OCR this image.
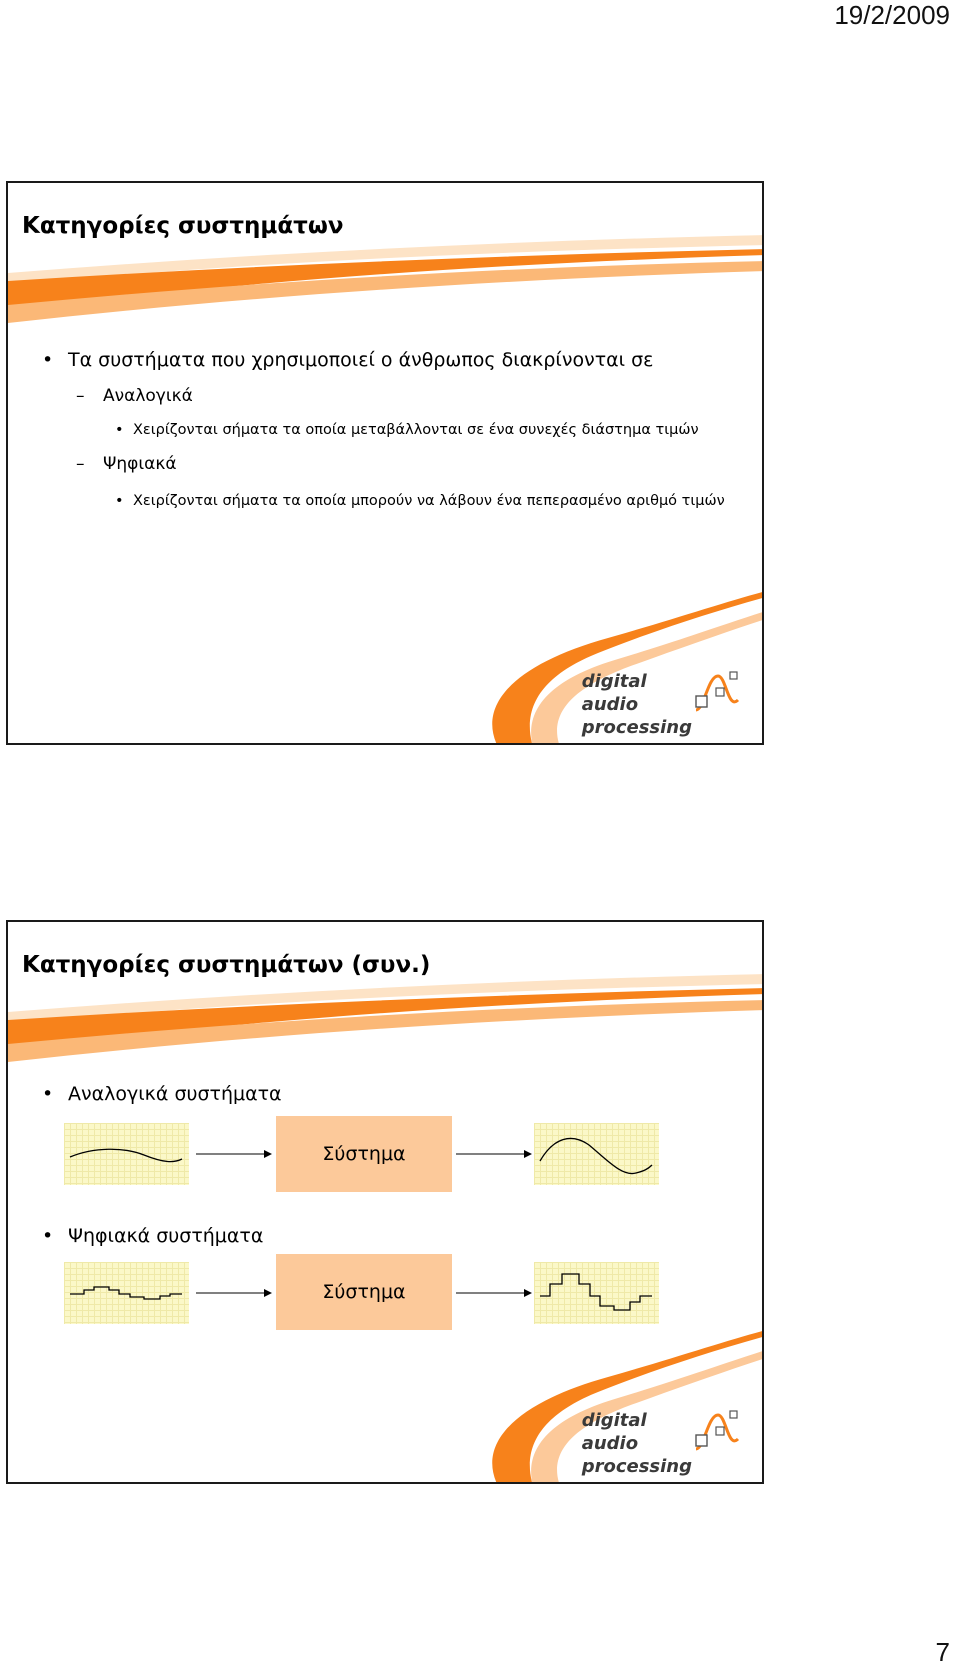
19/2/2009
Κατηγορίες συστημάτων
• Τα συστήματα που χρησιμοποιεί ο άνθρωπος διακρίνονται σε
– Αναλογικά
• Χειρίζονται σήματα τα οποία μεταβάλλονται σε ένα συνεχές διάστημα τιμών
– Ψηφιακά
• Χειρίζονται σήματα τα οποία μπορούν να λάβουν ένα πεπερασμένο αριθμό τιμών
digital
audio
processing
Κατηγορίες συστημάτων (συν.)
• Αναλογικά συστήματα
Σύστημα
• Ψηφιακά συστήματα
Σύστημα
digital
audio
processing
7
